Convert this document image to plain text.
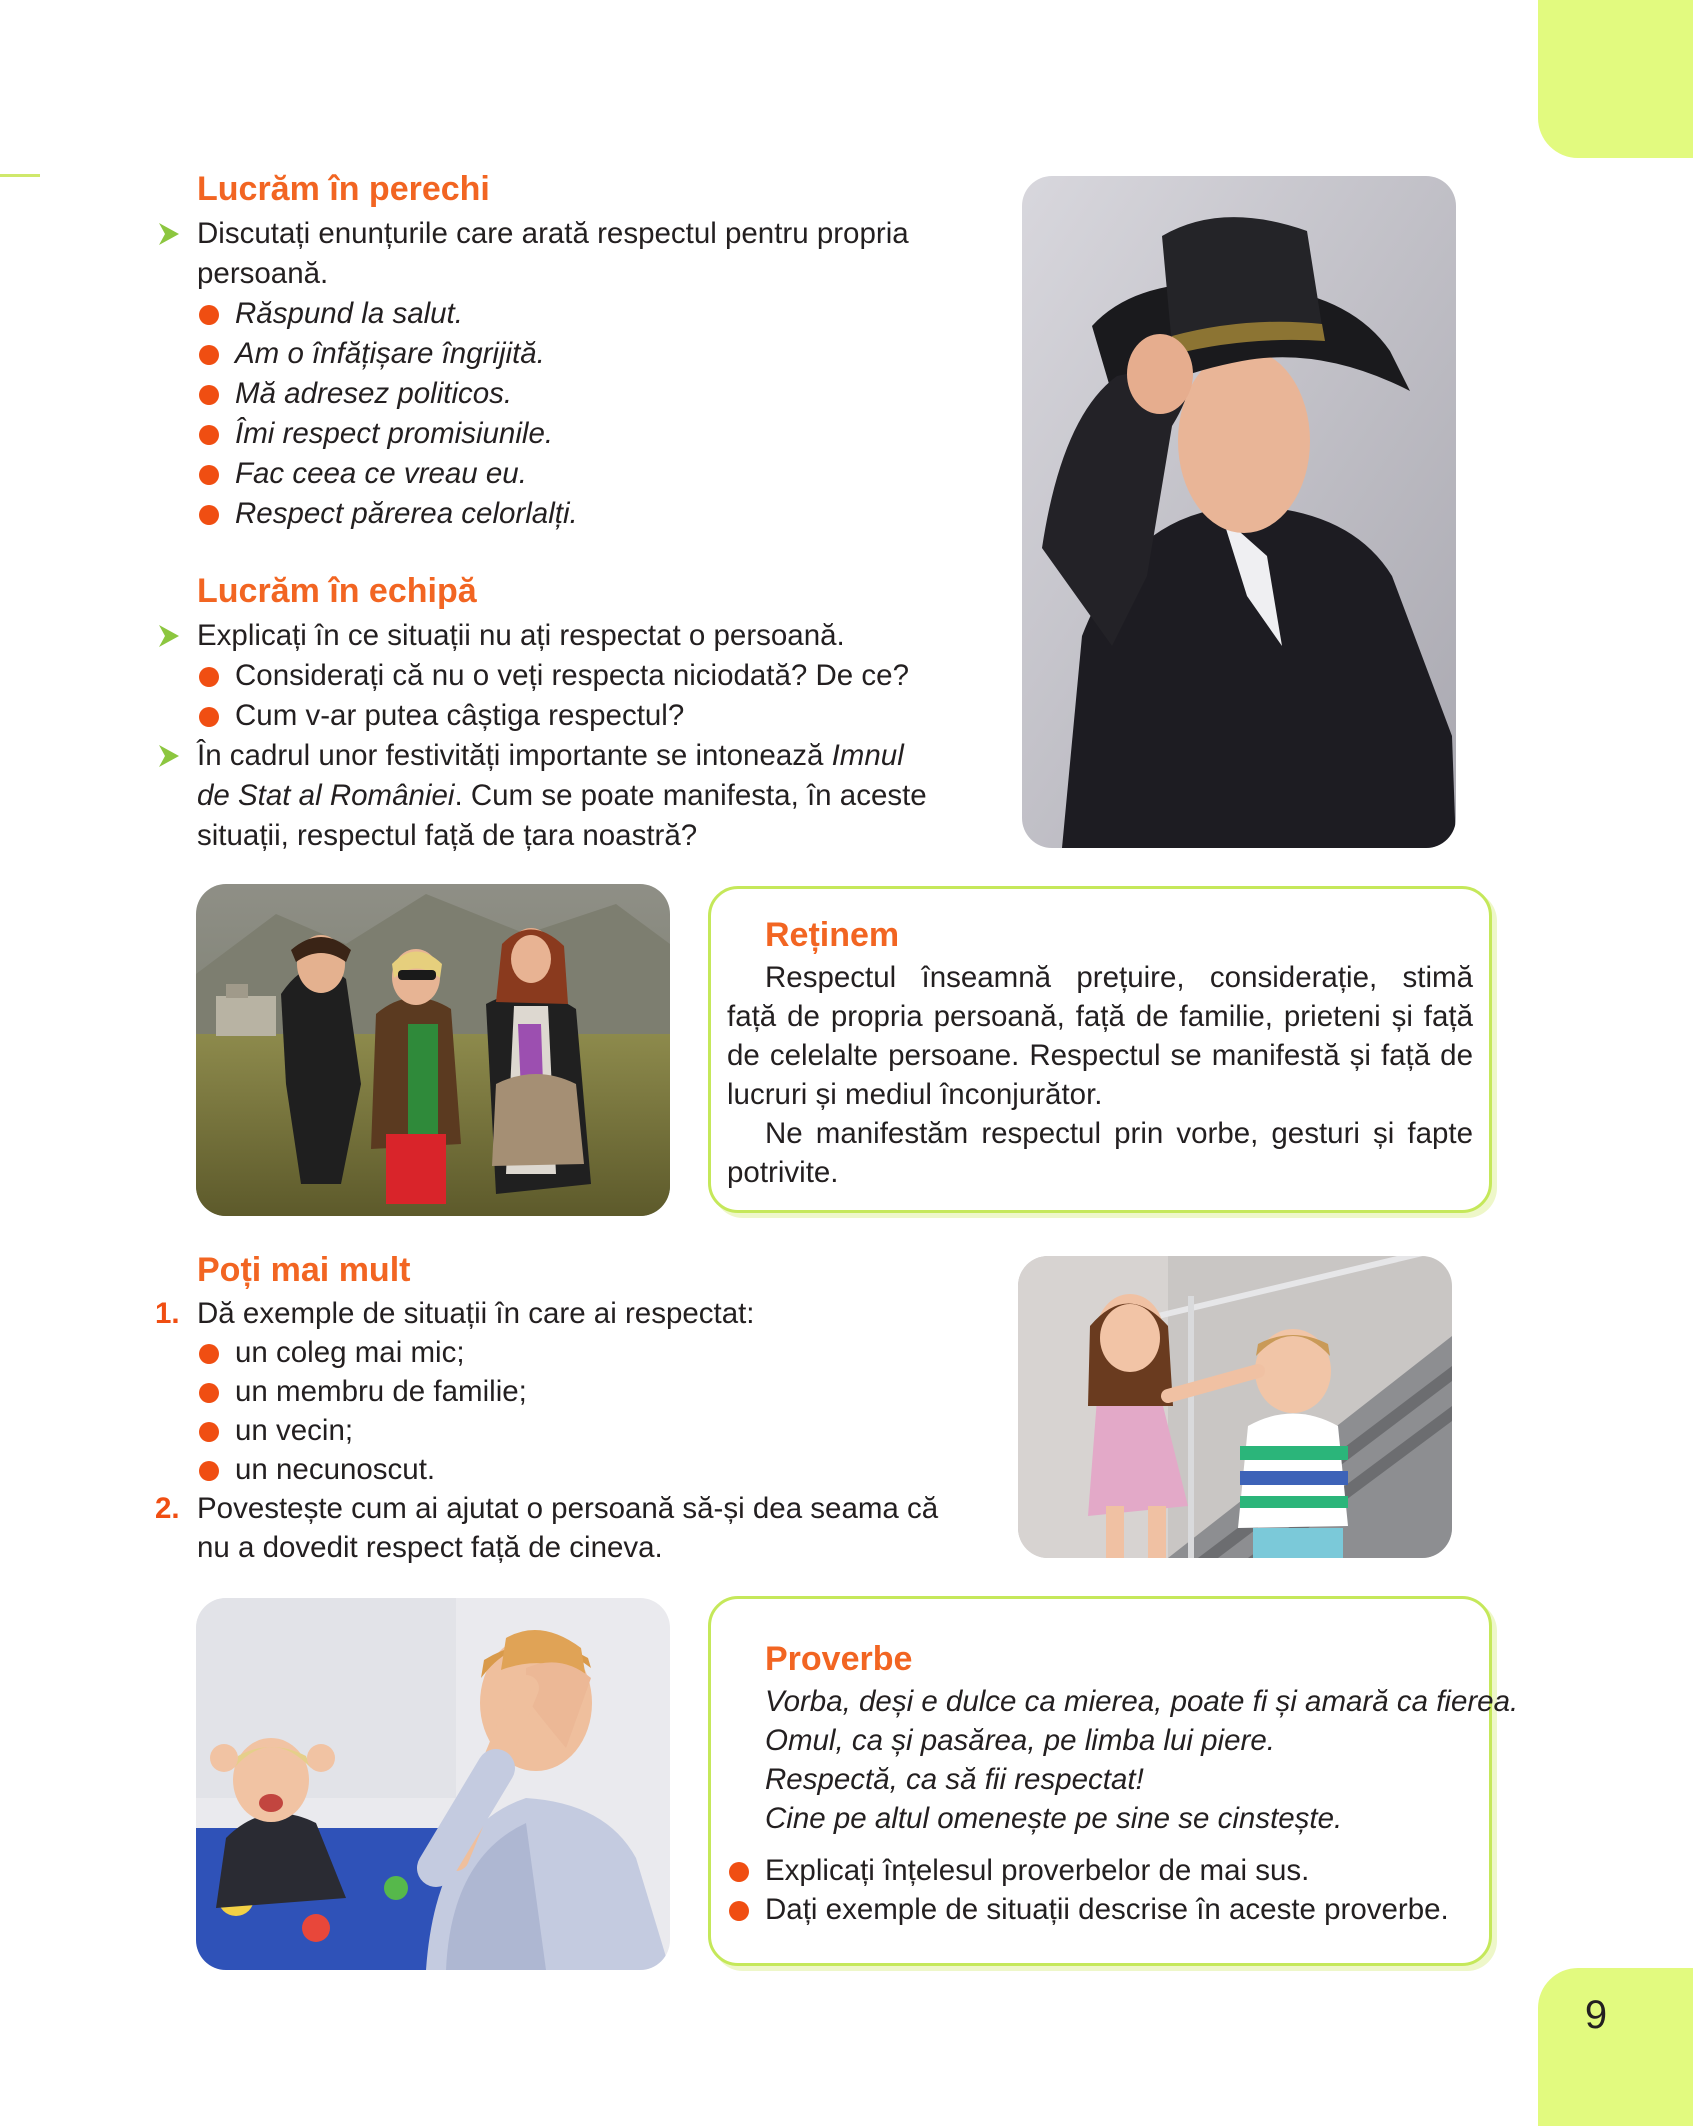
9
Lucrăm în perechi
Discutați enunțurile care arată respectul pentru propria
persoană.
Răspund la salut.
Am o înfățișare îngrijită.
Mă adresez politicos.
Îmi respect promisiunile.
Fac ceea ce vreau eu.
Respect părerea celorlalți.
Lucrăm în echipă
Explicați în ce situații nu ați respectat o persoană.
Considerați că nu o veți respecta niciodată? De ce?
Cum v-ar putea câștiga respectul?
În cadrul unor festivități importante se intonează Imnul
de Stat al României. Cum se poate manifesta, în aceste
situații, respectul față de țara noastră?
Reținem
Respectul înseamnă prețuire, considerație, stimă
față de propria persoană, față de familie, prieteni și față
de celelalte persoane. Respectul se manifestă și față de
lucruri și mediul înconjurător.
Ne manifestăm respectul prin vorbe, gesturi și fapte
potrivite.
Poți mai mult
1. Dă exemple de situații în care ai respectat:
un coleg mai mic;
un membru de familie;
un vecin;
un necunoscut.
2. Povestește cum ai ajutat o persoană să-și dea seama că
nu a dovedit respect față de cineva.
Proverbe
Vorba, deși e dulce ca mierea, poate fi și amară ca fierea.
Omul, ca și pasărea, pe limba lui piere.
Respectă, ca să fii respectat!
Cine pe altul omenește pe sine se cinstește.
Explicați înțelesul proverbelor de mai sus.
Dați exemple de situații descrise în aceste proverbe.
